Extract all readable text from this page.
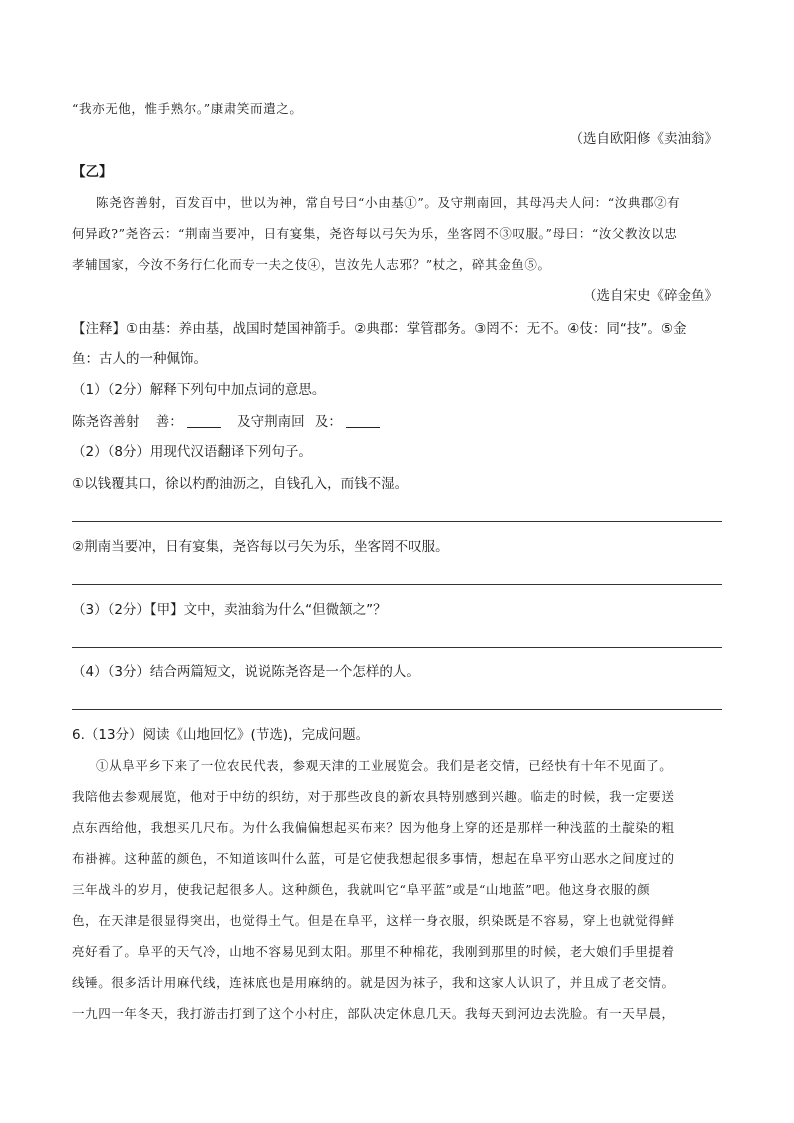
“我亦无他，惟手熟尔。”康肃笑而遣之。
（选自欧阳修《卖油翁》
【乙】
陈尧咨善射，百发百中，世以为神，常自号曰“小由基①”。及守荆南回，其母冯夫人问：“汝典郡②有
何异政?”尧咨云：“荆南当要冲，日有宴集，尧咨每以弓矢为乐，坐客罔不③叹服。”母曰：“汝父教汝以忠
孝辅国家，今汝不务行仁化而专一夫之伎④，岂汝先人志邪？”杖之，碎其金鱼⑤。
（选自宋史《碎金鱼》
【注释】①由基：养由基，战国时楚国神箭手。②典郡：掌管郡务。③罔不：无不。④伎：同“技”。⑤金
鱼：古人的一种佩饰。
（1）（2分）解释下列句中加点词的意思。
陈尧咨善射 善：	及守荆南回 及：
（2）（8分）用现代汉语翻译下列句子。
①以钱覆其口，徐以杓酌油沥之，自钱孔入，而钱不湿。
②荆南当要冲，日有宴集，尧咨每以弓矢为乐，坐客罔不叹服。
（3）（2分）【甲】文中，卖油翁为什么“但微颔之”？
（4）（3分）结合两篇短文，说说陈尧咨是一个怎样的人。
6.（13分）阅读《山地回忆》(节选)，完成问题。
①从阜平乡下来了一位农民代表，参观天津的工业展览会。我们是老交情，已经快有十年不见面了。
我陪他去参观展览，他对于中纺的织纺，对于那些改良的新农具特别感到兴趣。临走的时候，我一定要送
点东西给他，我想买几尺布。为什么我偏偏想起买布来？因为他身上穿的还是那样一种浅蓝的土靛染的粗
布褂裤。这种蓝的颜色，不知道该叫什么蓝，可是它使我想起很多事情，想起在阜平穷山恶水之间度过的
三年战斗的岁月，使我记起很多人。这种颜色，我就叫它“阜平蓝”或是“山地蓝”吧。他这身衣服的颜
色，在天津是很显得突出，也觉得土气。但是在阜平，这样一身衣服，织染既是不容易，穿上也就觉得鲜
亮好看了。阜平的天气冷，山地不容易见到太阳。那里不种棉花，我刚到那里的时候，老大娘们手里提着
线锤。很多活计用麻代线，连袜底也是用麻纳的。就是因为袜子，我和这家人认识了，并且成了老交情。
一九四一年冬天，我打游击打到了这个小村庄，部队决定休息几天。我每天到河边去洗脸。有一天早晨，
